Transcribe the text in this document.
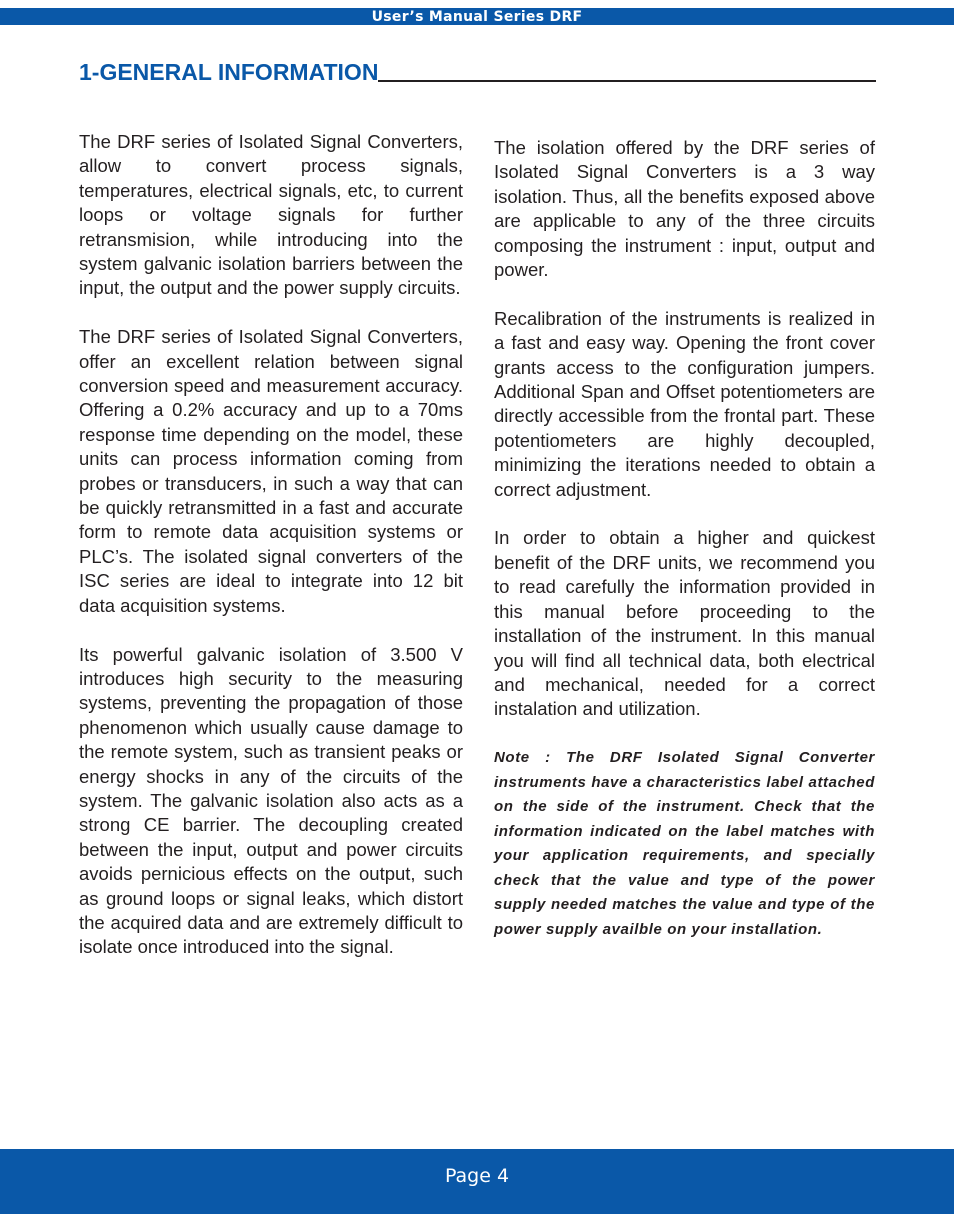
User’s Manual Series DRF
1-GENERAL INFORMATION

The DRF series of Isolated Signal Converters, allow to convert process signals, temperatures, electrical signals, etc, to current loops or voltage signals for further retransmision, while introducing into the system galvanic isolation barriers between the input, the output and the power supply circuits.

The DRF series of Isolated Signal Converters, offer an excellent relation between signal conversion speed and measurement accuracy. Offering a 0.2% accuracy and up to a 70ms response time depending on the model, these units can process information coming from probes or transducers, in such a way that can be quickly retransmitted in a fast and accurate form to remote data acquisition systems or PLC’s. The isolated signal converters of the ISC series are ideal to integrate into 12 bit data acquisition systems.

Its powerful galvanic isolation of 3.500 V introduces high security to the measuring systems, preventing the propagation of those phenomenon which usually cause damage to the remote system, such as transient peaks or energy shocks in any of the circuits of the system. The galvanic isolation also acts as a strong CE barrier. The decoupling created between the input, output and power circuits avoids pernicious effects on the output, such as ground loops or signal leaks, which distort the acquired data and are extremely difficult to isolate once introduced into the signal.

The isolation offered by the DRF series of Isolated Signal Converters is a 3 way isolation. Thus, all the benefits exposed above are applicable to any of the three circuits composing the instrument : input, output and power.

Recalibration of the instruments is realized in a fast and easy way. Opening the front cover grants access to the configuration jumpers. Additional Span and Offset potentiometers are directly accessible from the frontal part. These potentiometers are highly decoupled, minimizing the iterations needed to obtain a correct adjustment.

In order to obtain a higher and quickest benefit of the DRF units, we recommend you to read carefully the information provided in this manual before proceeding to the installation of the instrument. In this manual you will find all technical data, both electrical and mechanical, needed for a correct instalation and utilization.

Note : The DRF Isolated Signal Converter instruments have a characteristics label attached on the side of the instrument. Check that the information indicated on the label matches with your application requirements, and specially check that the value and type of the power supply needed matches the value and type of the power supply availble on your installation.

Page 4
